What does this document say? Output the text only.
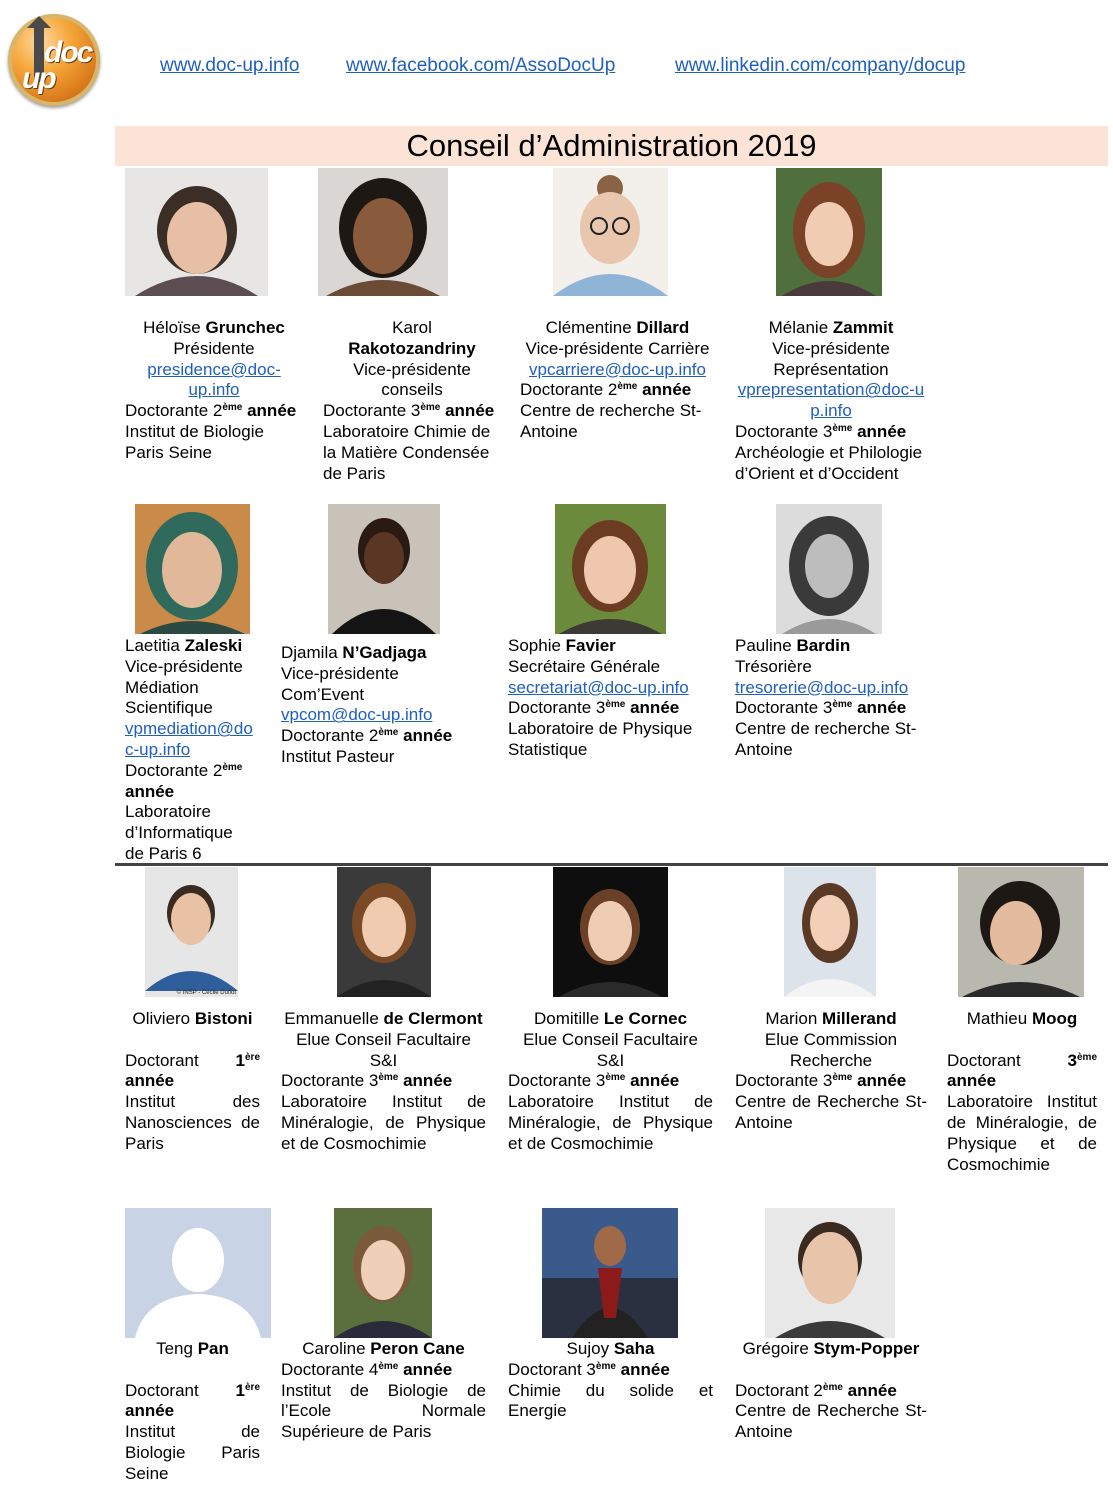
doc
up	www.doc-up.info www.facebook.com/AssoDocUp	www.linkedin.com/company/docup
Conseil d’Administration 2019

Héloïse Grunchec

Présidente

presidence@doc-up.info

Doctorante 2ème année

Institut de Biologie Paris Seine

Karol
Rakotozandriny

Vice-présidente conseils

Doctorante 3ème année

Laboratoire Chimie de la Matière Condensée de Paris

Clémentine Dillard

Vice-présidente Carrière

vpcarriere@doc-up.info

Doctorante 2ème année

Centre de recherche St-Antoine

Mélanie Zammit

Vice-présidente Représentation

vprepresentation@doc-up.info

Doctorante 3ème année

Archéologie et Philologie d’Orient et d’Occident

Laetitia Zaleski

Vice-présidente Médiation Scientifique

vpmediation@doc-up.info

Doctorante 2ème année

Laboratoire d’Informatique de Paris 6

Djamila N’Gadjaga

Vice-présidente Com’Event

vpcom@doc-up.info

Doctorante 2ème année

Institut Pasteur

Sophie Favier

Secrétaire Générale

secretariat@doc-up.info

Doctorante 3ème année

Laboratoire de Physique Statistique

Pauline Bardin

Trésorière

tresorerie@doc-up.info

Doctorante 3ème année

Centre de recherche St-Antoine

© INSP - Cécile Duflot

Oliviero Bistoni

Doctorant 1ère

année

Institut des Nanosciences de Paris

Emmanuelle de Clermont

Elue Conseil Facultaire S&I

Doctorante 3ème année

Laboratoire Institut de Minéralogie, de Physique et de Cosmochimie

Domitille Le Cornec

Elue Conseil Facultaire S&I

Doctorante 3ème année

Laboratoire Institut de Minéralogie, de Physique et de Cosmochimie

Marion Millerand

Elue Commission Recherche

Doctorante 3ème année

Centre de Recherche St-Antoine

Mathieu Moog

Doctorant	3ème

année

Laboratoire Institut de Minéralogie, de Physique et de Cosmochimie

Teng Pan

Doctorant 1ère

année

Institut de Biologie Paris Seine

Caroline Peron Cane

Doctorante 4ème année

Institut de Biologie de l’Ecole Normale Supérieure de Paris

Sujoy Saha

Doctorant 3ème année

Chimie du solide et Energie

Grégoire Stym-Popper

Doctorant 2ème année

Centre de Recherche St-Antoine
